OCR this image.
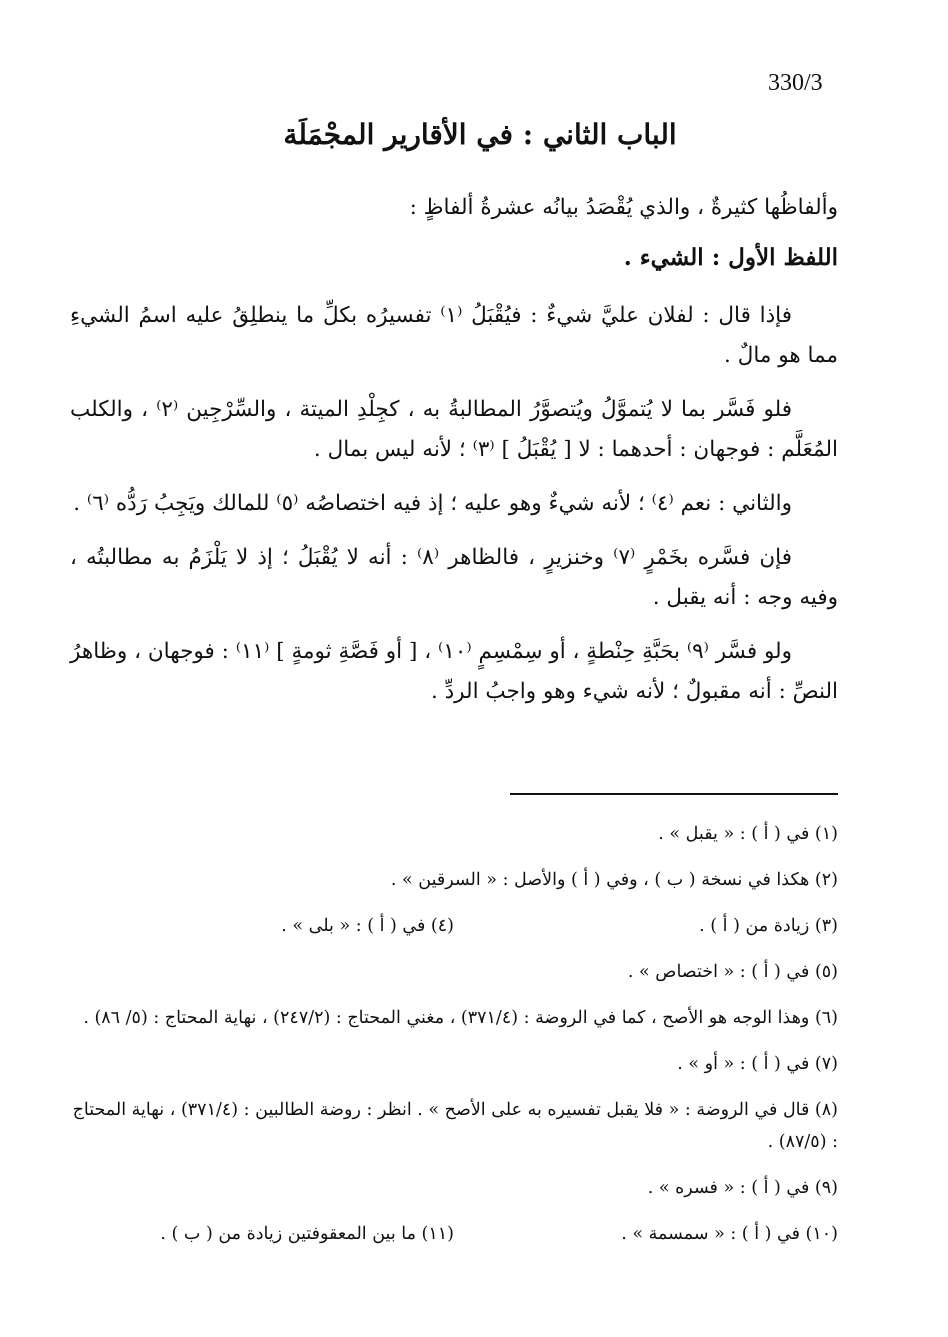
330/3
الباب الثاني : في الأقارير المجْمَلَة

وألفاظُها كثيرةٌ ، والذي يُقْصَدُ بيانُه عشرةُ ألفاظٍ :

اللفظ الأول : الشيء .

فإذا قال : لفلان عليَّ شيءٌ : فيُقْبَلُ ⁽١⁾ تفسيرُه بكلِّ ما ينطلِقُ عليه اسمُ الشيءِ مما هو مالٌ .

فلو فَسَّر بما لا يُتموَّلُ ويُتصوَّرُ المطالبةُ به ، كجِلْدِ الميتة ، والسِّرْجِين ⁽٢⁾ ، والكلب المُعَلَّم : فوجهان : أحدهما : لا [ يُقْبَلُ ] ⁽٣⁾ ؛ لأنه ليس بمال .

والثاني : نعم ⁽٤⁾ ؛ لأنه شيءٌ وهو عليه ؛ إذ فيه اختصاصُه ⁽٥⁾ للمالك ويَجِبُ رَدُّه ⁽٦⁾ .

فإن فسَّره بخَمْرٍ ⁽٧⁾ وخنزيرٍ ، فالظاهر ⁽٨⁾ : أنه لا يُقْبَلُ ؛ إذ لا يَلْزَمُ به مطالبتُه ، وفيه وجه : أنه يقبل .

ولو فسَّر ⁽٩⁾ بحَبَّةِ حِنْطةٍ ، أو سِمْسِمٍ ⁽١٠⁾ ، [ أو فَصَّةِ ثومةٍ ] ⁽١١⁾ : فوجهان ، وظاهرُ النصِّ : أنه مقبولٌ ؛ لأنه شيء وهو واجبُ الردِّ .

(١) في ( أ ) : « يقبل » .
(٢) هكذا في نسخة ( ب ) ، وفي ( أ ) والأصل : « السرقين » .
(٣) زيادة من ( أ ) .
(٤) في ( أ ) : « بلى » .
(٥) في ( أ ) : « اختصاص » .
(٦) وهذا الوجه هو الأصح ، كما في الروضة : (٣٧١/٤) ، مغني المحتاج : (٢٤٧/٢) ، نهاية المحتاج : (٥/ ٨٦) .
(٧) في ( أ ) : « أو » .
(٨) قال في الروضة : « فلا يقبل تفسيره به على الأصح » . انظر : روضة الطالبين : (٣٧١/٤) ، نهاية المحتاج : (٨٧/٥) .
(٩) في ( أ ) : « فسره » .
(١٠) في ( أ ) : « سمسمة » .
(١١) ما بين المعقوفتين زيادة من ( ب ) .
